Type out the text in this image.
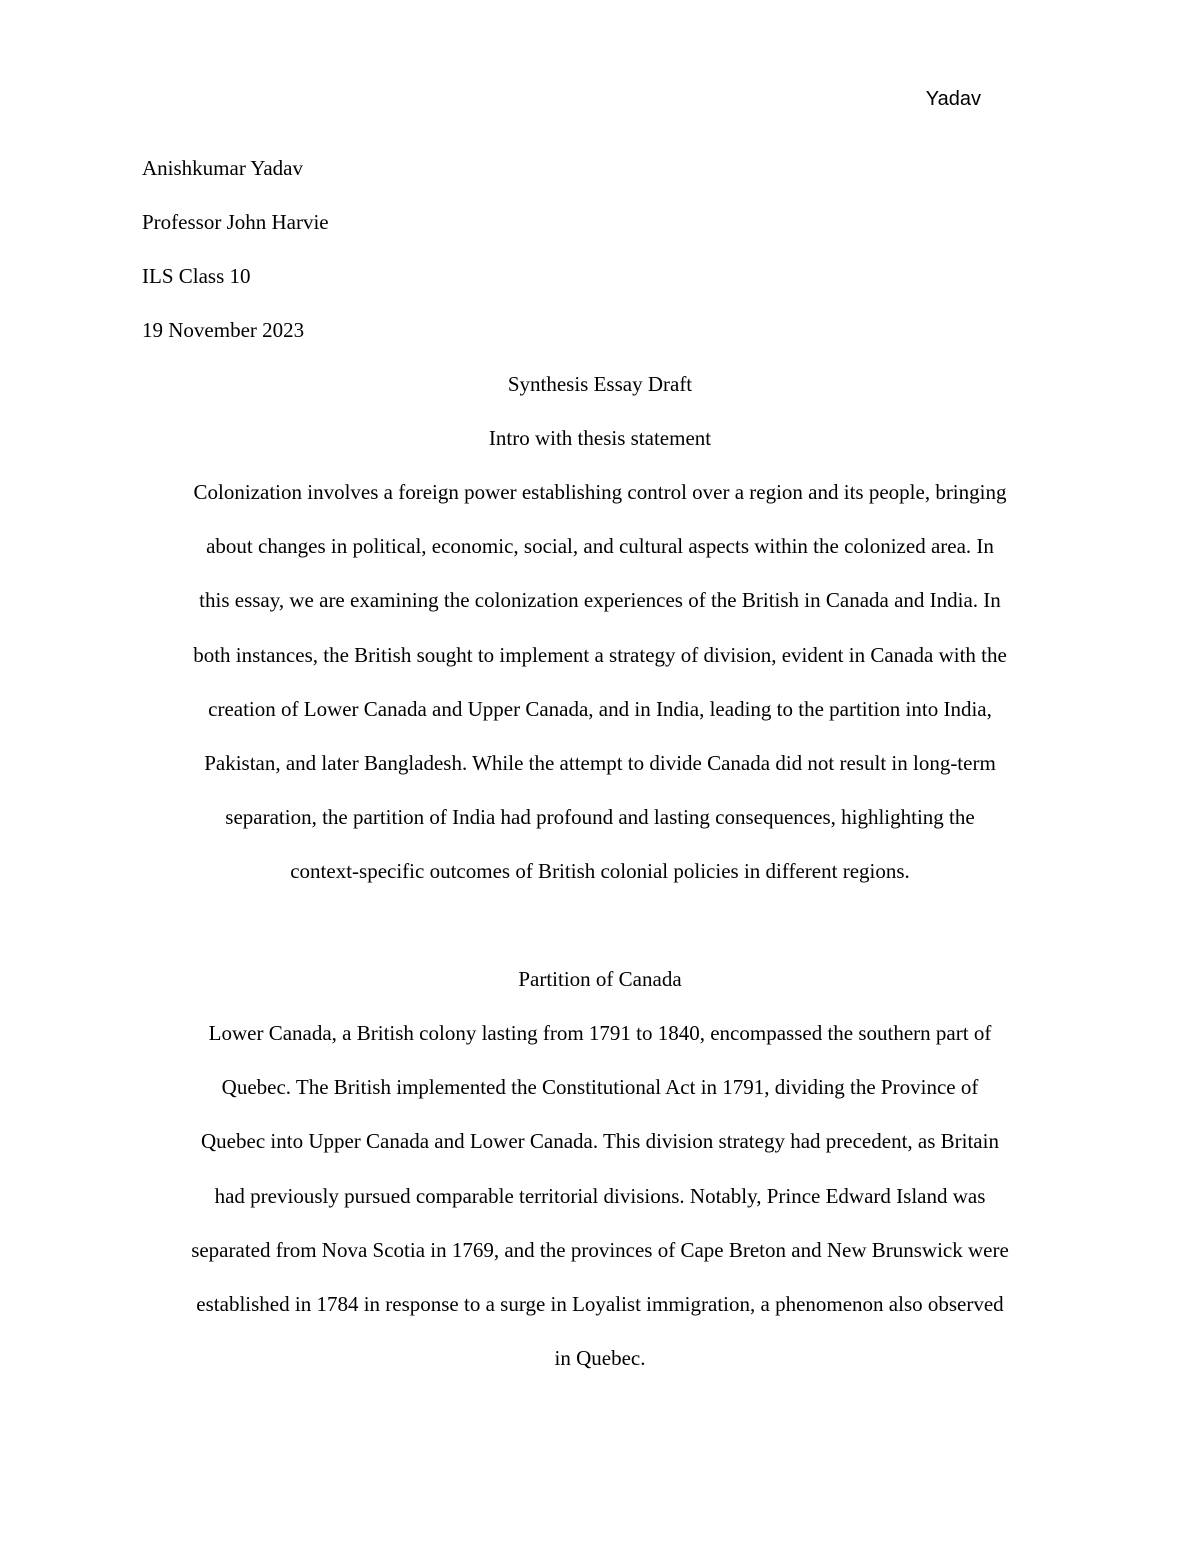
Yadav
Anishkumar Yadav
Professor John Harvie
ILS Class 10
19 November 2023
Synthesis Essay Draft
Intro with thesis statement
Colonization involves a foreign power establishing control over a region and its people, bringing
about changes in political, economic, social, and cultural aspects within the colonized area. In
this essay, we are examining the colonization experiences of the British in Canada and India. In
both instances, the British sought to implement a strategy of division, evident in Canada with the
creation of Lower Canada and Upper Canada, and in India, leading to the partition into India,
Pakistan, and later Bangladesh. While the attempt to divide Canada did not result in long-term
separation, the partition of India had profound and lasting consequences, highlighting the
context-specific outcomes of British colonial policies in different regions.
Partition of Canada
Lower Canada, a British colony lasting from 1791 to 1840, encompassed the southern part of
Quebec. The British implemented the Constitutional Act in 1791, dividing the Province of
Quebec into Upper Canada and Lower Canada. This division strategy had precedent, as Britain
had previously pursued comparable territorial divisions. Notably, Prince Edward Island was
separated from Nova Scotia in 1769, and the provinces of Cape Breton and New Brunswick were
established in 1784 in response to a surge in Loyalist immigration, a phenomenon also observed
in Quebec.
